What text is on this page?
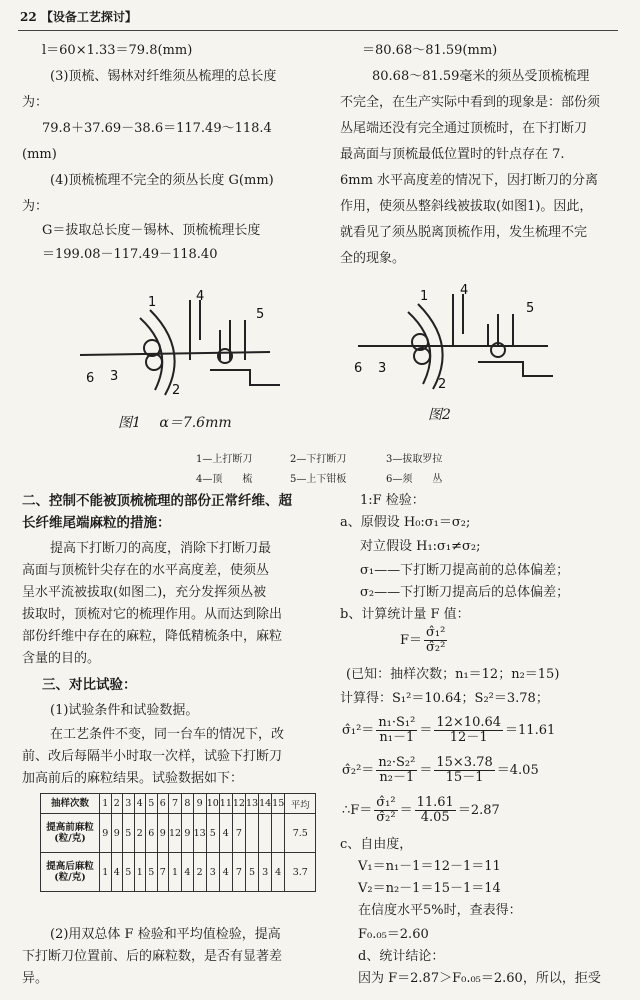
22 【设备工艺探讨】
l＝60×1.33＝79.8(mm)
(3)顶梳、锡林对纤维须丛梳理的总长度
为：
79.8＋37.69－38.6＝117.49～118.4
(mm)
(4)顶梳梳理不完全的须丛长度 G(mm)
为：
G＝拔取总长度－锡林、顶梳梳理长度
＝199.08－117.49－118.40
＝80.68～81.59(mm)
80.68～81.59毫米的须丛受顶梳梳理
不完全，在生产实际中看到的现象是：部份须
丛尾端还没有完全通过顶梳时，在下打断刀
最高面与顶梳最低位置时的针点存在 7.
6mm 水平高度差的情况下，因打断刀的分离
作用，使须丛整斜线被拔取(如图1)。因此，
就看见了须丛脱离顶梳作用，发生梳理不完
全的现象。
1
2
3
4
5
6
1
2
3
4
5
6
图1 α＝7.6mm	图2
1—上打断刀	2—下打断刀	3—拔取罗拉
4—顶　　梳	5—上下钳板	6—须　　丛
二、控制不能被顶梳梳理的部份正常纤维、超
长纤维尾端麻粒的措施：
提高下打断刀的高度，消除下打断刀最
高面与顶梳针尖存在的水平高度差，使须丛
呈水平流被拔取(如图二)，充分发挥须丛被
拔取时，顶梳对它的梳理作用。从而达到除出
部份纤维中存在的麻粒，降低精梳条中，麻粒
含量的目的。
三、对比试验：
(1)试验条件和试验数据。
在工艺条件不变，同一台车的情况下，改
前、改后每隔半小时取一次样，试验下打断刀
加高前后的麻粒结果。试验数据如下：
抽样次数	1	2	3	4	5	6	7	8	9	10	11	12	13	14	15	平均
提高前麻粒
(粒/克)	9	9	5	2	6	9	12	9	13	5	4	7				7.5
提高后麻粒
(粒/克)	1	4	5	1	5	7	1	4	2	3	4	7	5	3	4	3.7
(2)用双总体 F 检验和平均值检验，提高
下打断刀位置前、后的麻粒数，是否有显著差
异。
1:F 检验：
a、原假设 H₀:σ₁＝σ₂;
对立假设 H₁:σ₁≠σ₂;
σ₁——下打断刀提高前的总体偏差；
σ₂——下打断刀提高后的总体偏差；
b、计算统计量 F 值：
$F= \frac{\text{σ̂₁²}}{\text{σ̂₂²}}$
(已知：抽样次数；n₁＝12；n₂＝15)
计算得：S₁²＝10.64；S₂²＝3.78；
σ̂₁²＝ $\frac{\text{n₁·S₁²}}{\text{n₁－1}} = \frac{12\times 10.64}{12-1} =11.61$
σ̂₂²＝ $\frac{\text{n₂·S₂²}}{\text{n₂－1}} = \frac{15\times 3.78}{15-1} =4.05$
∴F＝ $\frac{\text{σ̂₁²}}{\text{σ̂₂²}} = \frac{11.61}{4.05} =2.87$
c、自由度，
V₁＝n₁－1＝12－1＝11
V₂＝n₂－1＝15－1＝14
在信度水平5%时，查表得：
F₀.₀₅＝2.60
d、统计结论：
因为 F＝2.87＞F₀.₀₅＝2.60，所以，拒受
